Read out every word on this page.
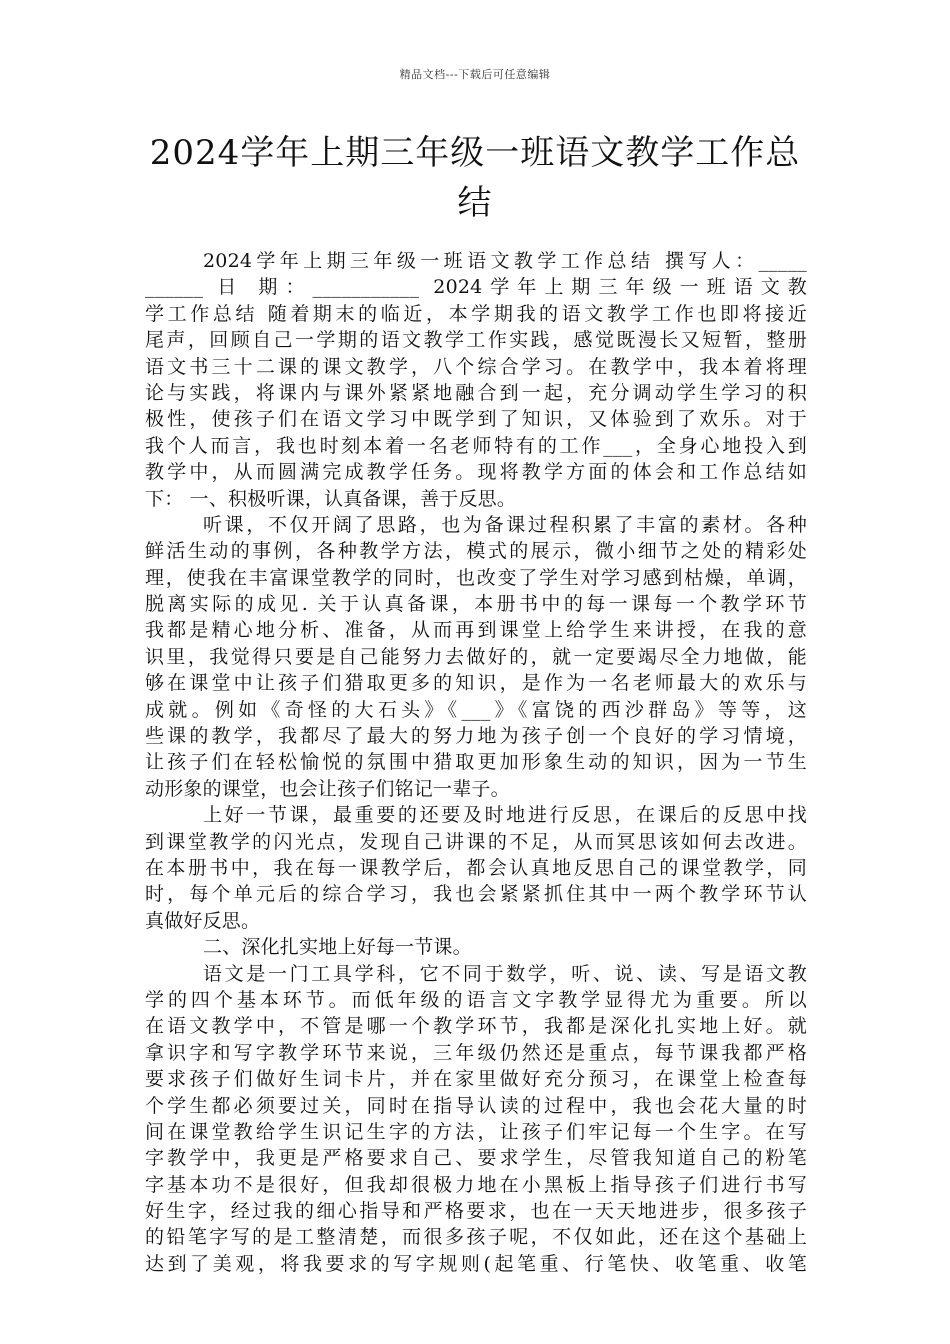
精品文档---下载后可任意编辑
2024学年上期三年级一班语文教学工作总
结
2024学年上期三年级一班语文教学工作总结 撰写人：_____
______ 日 期：___________ 2024学年上期三年级一班语文教
学工作总结 随着期末的临近，本学期我的语文教学工作也即将接近
尾声，回顾自己一学期的语文教学工作实践，感觉既漫长又短暂，整册
语文书三十二课的课文教学，八个综合学习。在教学中，我本着将理
论与实践，将课内与课外紧紧地融合到一起，充分调动学生学习的积
极性，使孩子们在语文学习中既学到了知识，又体验到了欢乐。对于
我个人而言，我也时刻本着一名老师特有的工作___，全身心地投入到
教学中，从而圆满完成教学任务。现将教学方面的体会和工作总结如
下： 一、积极听课，认真备课，善于反思。
听课，不仅开阔了思路，也为备课过程积累了丰富的素材。各种
鲜活生动的事例，各种教学方法，模式的展示，微小细节之处的精彩处
理，使我在丰富课堂教学的同时，也改变了学生对学习感到枯燥，单调，
脱离实际的成见. 关于认真备课，本册书中的每一课每一个教学环节
我都是精心地分析、准备，从而再到课堂上给学生来讲授，在我的意
识里，我觉得只要是自己能努力去做好的，就一定要竭尽全力地做，能
够在课堂中让孩子们猎取更多的知识，是作为一名老师最大的欢乐与
成就。例如《奇怪的大石头》《___》《富饶的西沙群岛》等等，这
些课的教学，我都尽了最大的努力地为孩子创一个良好的学习情境，
让孩子们在轻松愉悦的氛围中猎取更加形象生动的知识，因为一节生
动形象的课堂，也会让孩子们铭记一辈子。
上好一节课，最重要的还要及时地进行反思，在课后的反思中找
到课堂教学的闪光点，发现自己讲课的不足，从而冥思该如何去改进。
在本册书中，我在每一课教学后，都会认真地反思自己的课堂教学，同
时，每个单元后的综合学习，我也会紧紧抓住其中一两个教学环节认
真做好反思。
二、深化扎实地上好每一节课。
语文是一门工具学科，它不同于数学，听、说、读、写是语文教
学的四个基本环节。而低年级的语言文字教学显得尤为重要。所以
在语文教学中，不管是哪一个教学环节，我都是深化扎实地上好。就
拿识字和写字教学环节来说，三年级仍然还是重点，每节课我都严格
要求孩子们做好生词卡片，并在家里做好充分预习，在课堂上检查每
个学生都必须要过关，同时在指导认读的过程中，我也会花大量的时
间在课堂教给学生识记生字的方法，让孩子们牢记每一个生字。在写
字教学中，我更是严格要求自己、要求学生，尽管我知道自己的粉笔
字基本功不是很好，但我却很极力地在小黑板上指导孩子们进行书写
好生字，经过我的细心指导和严格要求，也在一天天地进步，很多孩子
的铅笔字写的是工整清楚，而很多孩子呢，不仅如此，还在这个基础上
达到了美观，将我要求的写字规则(起笔重、行笔快、收笔重、收笔
